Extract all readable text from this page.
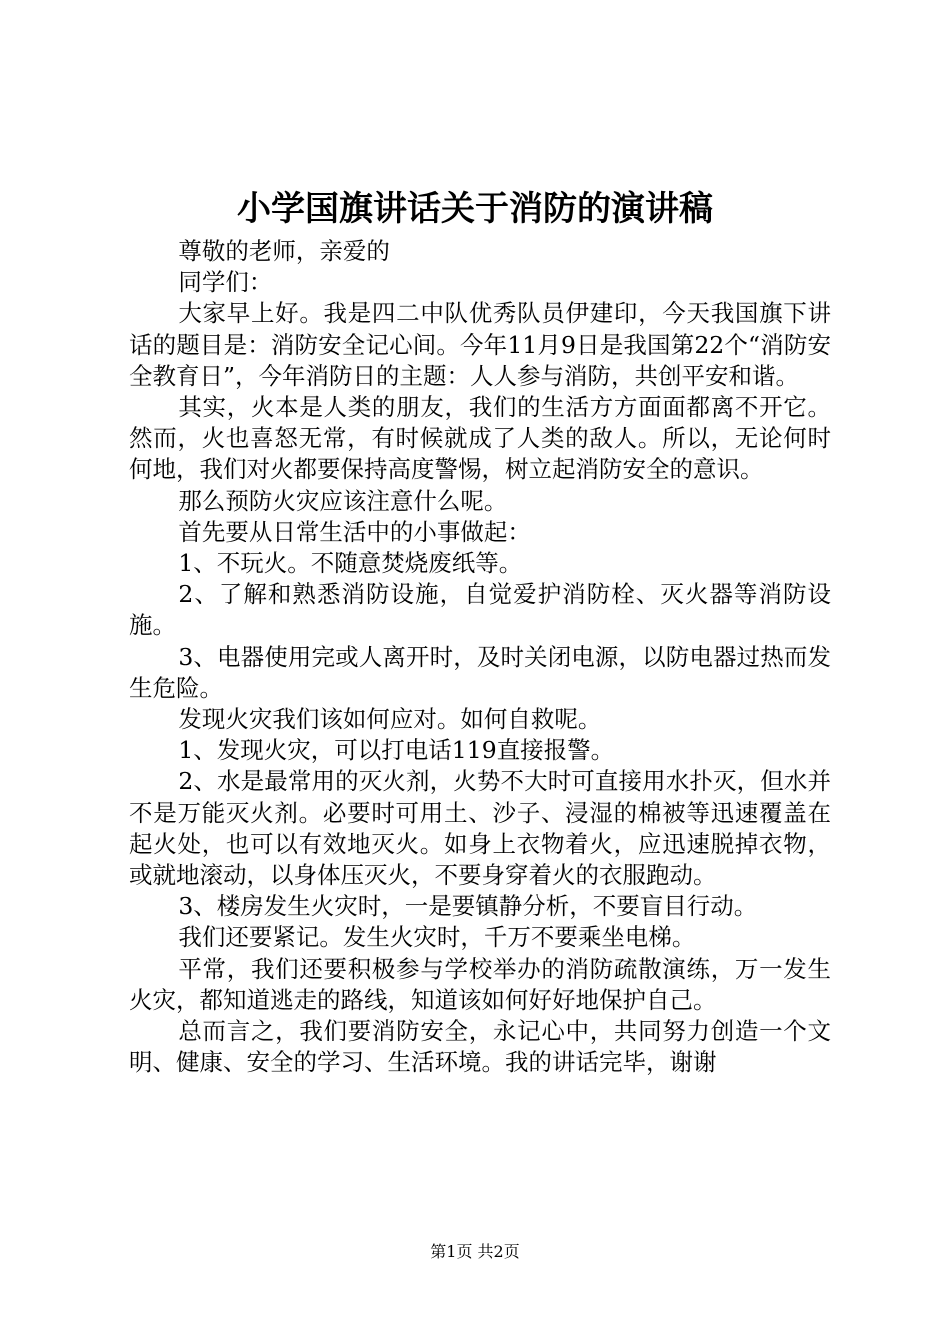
小学国旗讲话关于消防的演讲稿

尊敬的老师，亲爱的

同学们：

大家早上好。我是四二中队优秀队员伊建印，今天我国旗下讲话的题目是：消防安全记心间。今年11月9日是我国第22个“消防安全教育日”，今年消防日的主题：人人参与消防，共创平安和谐。

其实，火本是人类的朋友，我们的生活方方面面都离不开它。然而，火也喜怒无常，有时候就成了人类的敌人。所以，无论何时何地，我们对火都要保持高度警惕，树立起消防安全的意识。

那么预防火灾应该注意什么呢。

首先要从日常生活中的小事做起：

1、不玩火。不随意焚烧废纸等。

2、了解和熟悉消防设施，自觉爱护消防栓、灭火器等消防设施。

3、电器使用完或人离开时，及时关闭电源，以防电器过热而发生危险。

发现火灾我们该如何应对。如何自救呢。

1、发现火灾，可以打电话119直接报警。

2、水是最常用的灭火剂，火势不大时可直接用水扑灭，但水并不是万能灭火剂。必要时可用土、沙子、浸湿的棉被等迅速覆盖在起火处，也可以有效地灭火。如身上衣物着火，应迅速脱掉衣物，或就地滚动，以身体压灭火，不要身穿着火的衣服跑动。

3、楼房发生火灾时，一是要镇静分析，不要盲目行动。

我们还要紧记。发生火灾时，千万不要乘坐电梯。

平常，我们还要积极参与学校举办的消防疏散演练，万一发生火灾，都知道逃走的路线，知道该如何好好地保护自己。

总而言之，我们要消防安全，永记心中，共同努力创造一个文明、健康、安全的学习、生活环境。我的讲话完毕，谢谢

第1页 共2页
